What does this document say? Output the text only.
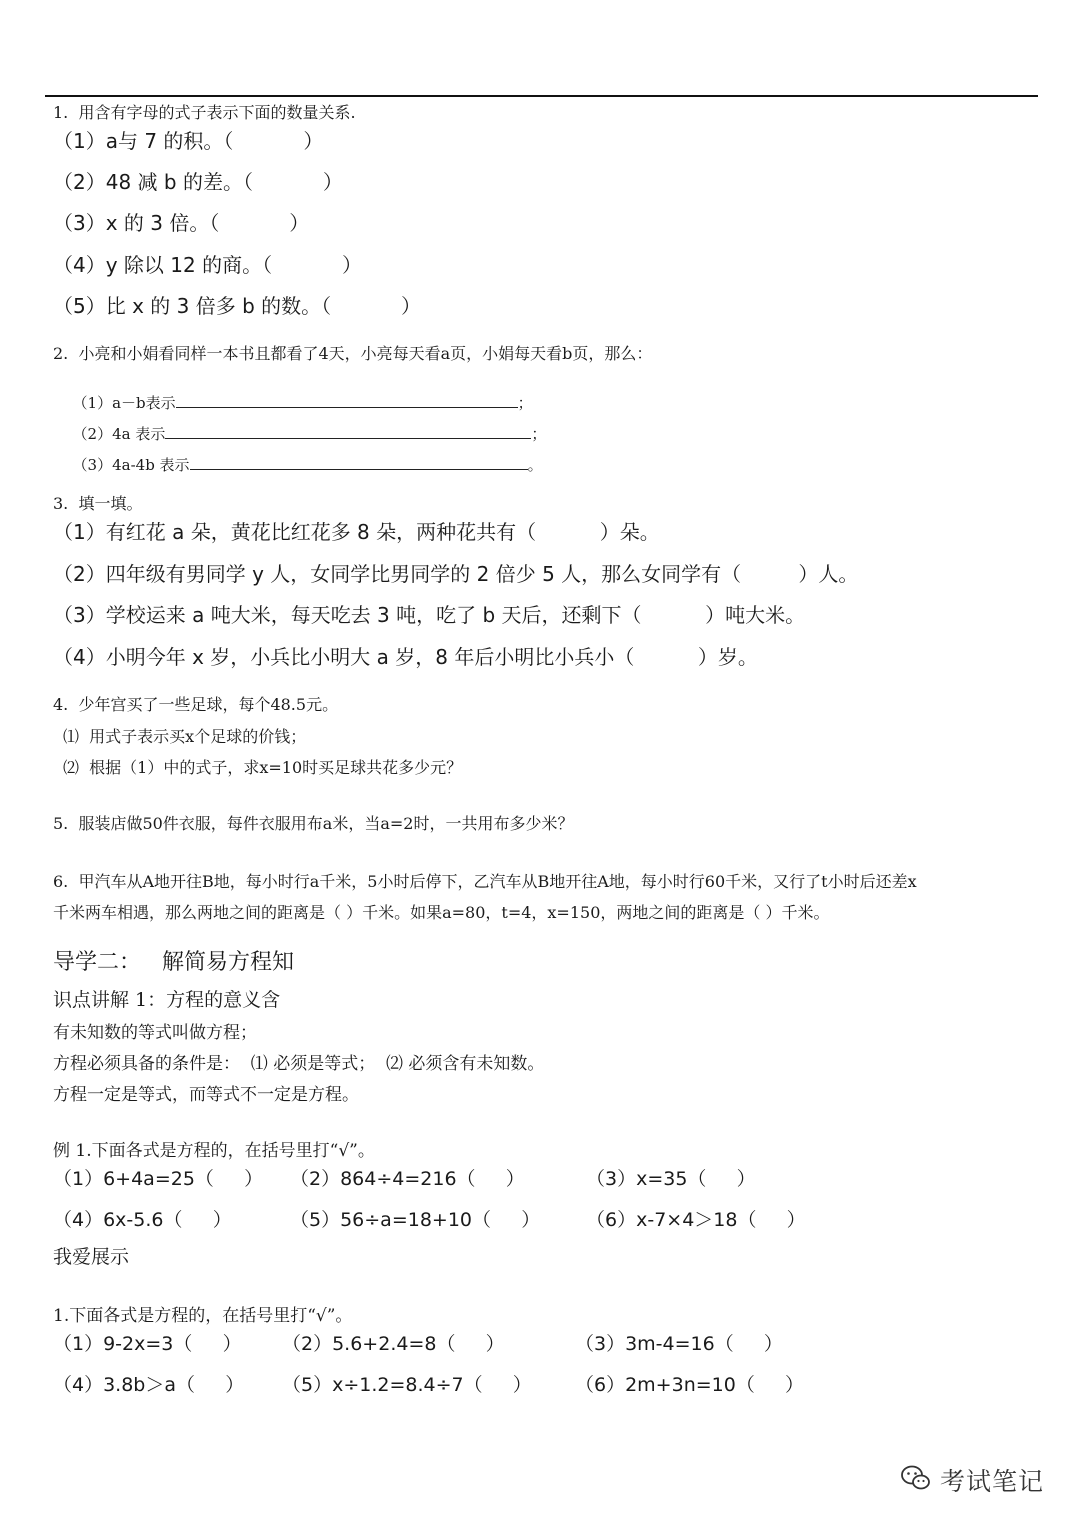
1.  用含有字母的式子表示下面的数量关系.
（1）a与 7 的积。（           ）
（2）48 减 b 的差。（           ）
（3）x 的 3 倍。（           ）
（4）y 除以 12 的商。（           ）
（5）比 x 的 3 倍多 b 的数。（           ）
2.  小亮和小娟看同样一本书且都看了4天，小亮每天看a页，小娟每天看b页，那么：

（1）a－b表示	；

（2）4a 表示	；

（3）4a-4b 表示	。

3.  填一填。
（1）有红花 a 朵，黄花比红花多 8 朵，两种花共有（          ）朵。
（2）四年级有男同学 y 人，女同学比男同学的 2 倍少 5 人，那么女同学有（         ）人。
（3）学校运来 a 吨大米，每天吃去 3 吨，吃了 b 天后，还剩下（          ）吨大米。
（4）小明今年 x 岁，小兵比小明大 a 岁，8 年后小明比小兵小（          ）岁。
4.  少年宫买了一些足球，每个48.5元。
⑴  用式子表示买x个足球的价钱；
⑵  根据（1）中的式子，求x=10时买足球共花多少元？
5.  服装店做50件衣服，每件衣服用布a米，当a=2时，一共用布多少米？
6.  甲汽车从A地开往B地，每小时行a千米，5小时后停下，乙汽车从B地开往A地，每小时行60千米，又行了t小时后还差x
千米两车相遇，那么两地之间的距离是（ ）千米。如果a=80，t=4，x=150，两地之间的距离是（ ）千米。
导学二：   解简易方程知
识点讲解 1：方程的意义含
有未知数的等式叫做方程；
方程必须具备的条件是：  ⑴ 必须是等式；  ⑵ 必须含有未知数。
方程一定是等式，而等式不一定是方程。
例 1.下面各式是方程的，在括号里打“√”。
（1）6+4a=25（     ） （2）864÷4=216（     ）	（3）x=35（     ）
（4）6x-5.6（     ）	（5）56÷a=18+10（     ） （6）x-7×4＞18（     ）
我爱展示
1.下面各式是方程的，在括号里打“√”。
（1）9-2x=3（     ） （2）5.6+2.4=8（     ）	（3）3m-4=16（     ）
（4）3.8b＞a（     ） （5）x÷1.2=8.4÷7（     ） （6）2m+3n=10（     ）
考试笔记
